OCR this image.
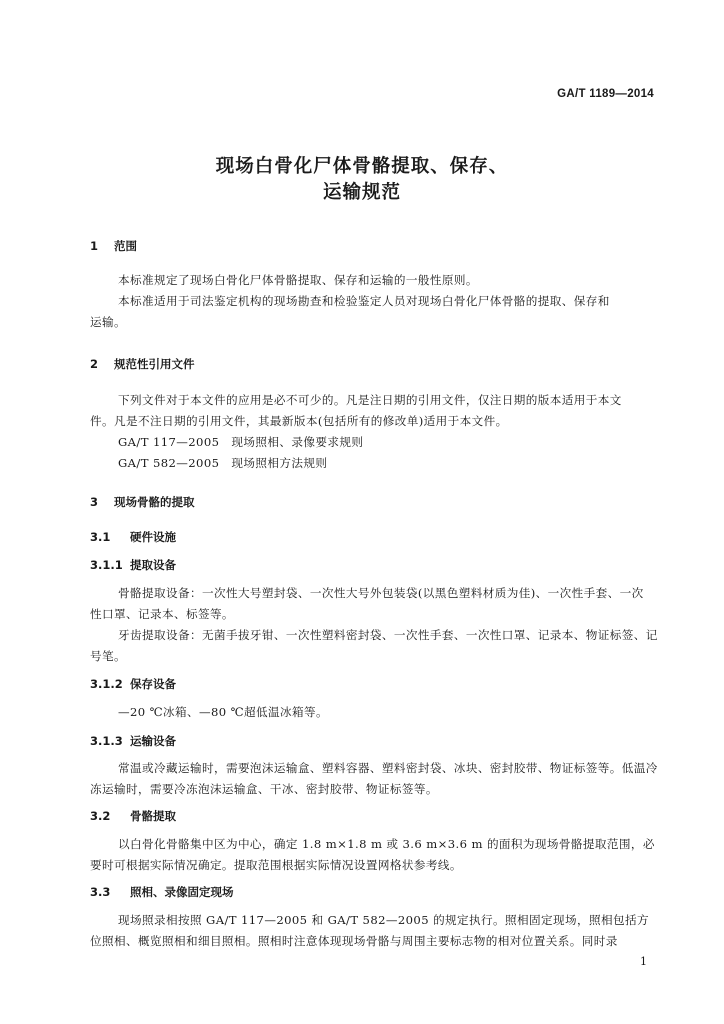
GA/T 1189—2014
现场白骨化尸体骨骼提取、保存、
运输规范
1 范围
本标准规定了现场白骨化尸体骨骼提取、保存和运输的一般性原则。
本标准适用于司法鉴定机构的现场勘查和检验鉴定人员对现场白骨化尸体骨骼的提取、保存和
运输。
2 规范性引用文件
下列文件对于本文件的应用是必不可少的。凡是注日期的引用文件，仅注日期的版本适用于本文
件。凡是不注日期的引用文件，其最新版本(包括所有的修改单)适用于本文件。
GA/T 117—2005　现场照相、录像要求规则
GA/T 582—2005　现场照相方法规则
3 现场骨骼的提取
3.1 硬件设施
3.1.1 提取设备
骨骼提取设备：一次性大号塑封袋、一次性大号外包装袋(以黑色塑料材质为佳)、一次性手套、一次
性口罩、记录本、标签等。
牙齿提取设备：无菌手拔牙钳、一次性塑料密封袋、一次性手套、一次性口罩、记录本、物证标签、记
号笔。
3.1.2 保存设备
—20 ℃冰箱、—80 ℃超低温冰箱等。
3.1.3 运输设备
常温或冷藏运输时，需要泡沫运输盒、塑料容器、塑料密封袋、冰块、密封胶带、物证标签等。低温冷
冻运输时，需要冷冻泡沫运输盒、干冰、密封胶带、物证标签等。
3.2 骨骼提取
以白骨化骨骼集中区为中心，确定 1.8 m×1.8 m 或 3.6 m×3.6 m 的面积为现场骨骼提取范围，必
要时可根据实际情况确定。提取范围根据实际情况设置网格状参考线。
3.3 照相、录像固定现场
现场照录相按照 GA/T 117—2005 和 GA/T 582—2005 的规定执行。照相固定现场，照相包括方
位照相、概览照相和细目照相。照相时注意体现现场骨骼与周围主要标志物的相对位置关系。同时录
1
